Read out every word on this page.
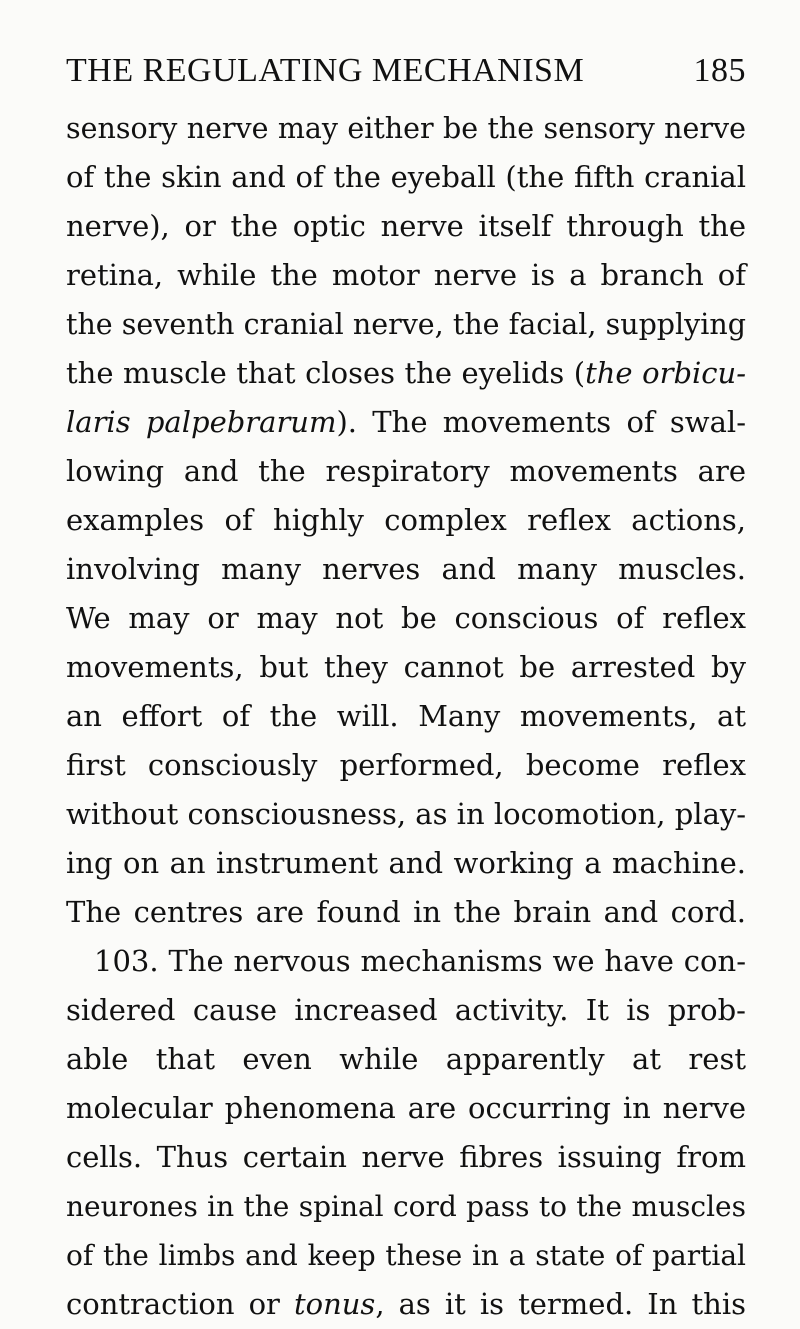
THE REGULATING MECHANISM	185
sensory nerve may either be the sensory nerve
of the skin and of the eyeball (the fifth cranial
nerve), or the optic nerve itself through the
retina, while the motor nerve is a branch of
the seventh cranial nerve, the facial, supplying
the muscle that closes the eyelids (the orbicu-
laris palpebrarum). The movements of swal-
lowing and the respiratory movements are
examples of highly complex reflex actions,
involving many nerves and many muscles.
We may or may not be conscious of reflex
movements, but they cannot be arrested by
an effort of the will. Many movements, at
first consciously performed, become reflex
without consciousness, as in locomotion, play-
ing on an instrument and working a machine.
The centres are found in the brain and cord.
103. The nervous mechanisms we have con-
sidered cause increased activity. It is prob-
able that even while apparently at rest
molecular phenomena are occurring in nerve
cells. Thus certain nerve fibres issuing from
neurones in the spinal cord pass to the muscles
of the limbs and keep these in a state of partial
contraction or tonus, as it is termed. In this
